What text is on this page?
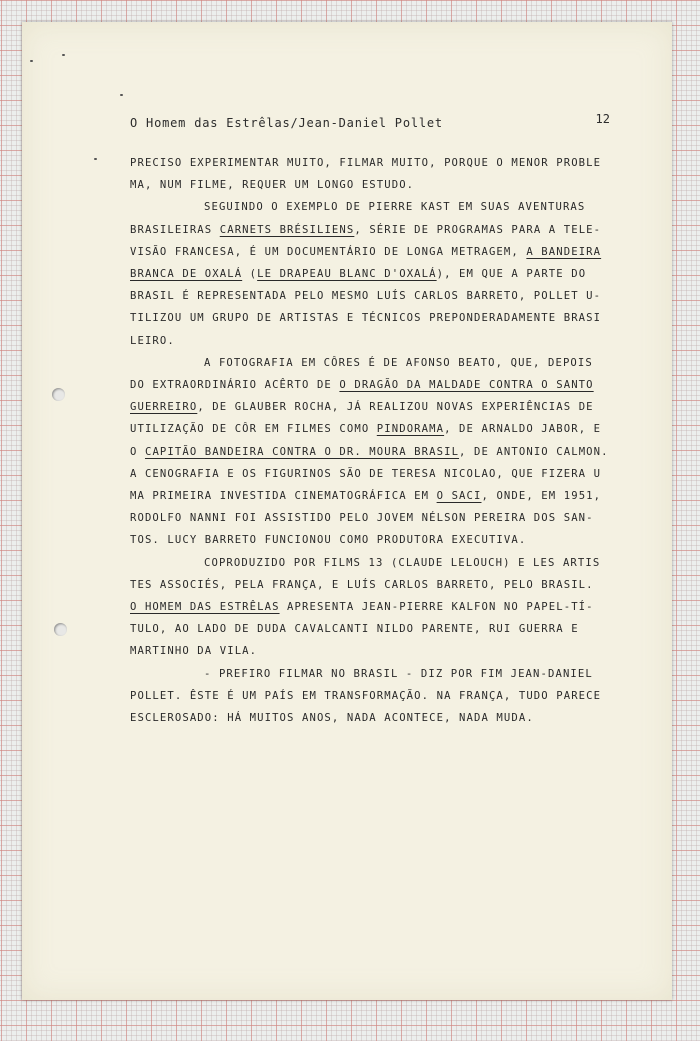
O Homem das Estrêlas/Jean-Daniel Pollet	12

PRECISO EXPERIMENTAR MUITO, FILMAR MUITO, PORQUE O MENOR PROBLE
MA, NUM FILME, REQUER UM LONGO ESTUDO.

SEGUINDO O EXEMPLO DE PIERRE KAST EM SUAS AVENTURAS
BRASILEIRAS CARNETS BRÉSILIENS, SÉRIE DE PROGRAMAS PARA A TELE-
VISÃO FRANCESA, É UM DOCUMENTÁRIO DE LONGA METRAGEM, A BANDEIRA
BRANCA DE OXALÁ (LE DRAPEAU BLANC D'OXALÁ), EM QUE A PARTE DO
BRASIL É REPRESENTADA PELO MESMO LUÍS CARLOS BARRETO, POLLET U-
TILIZOU UM GRUPO DE ARTISTAS E TÉCNICOS PREPONDERADAMENTE BRASI
LEIRO.

A FOTOGRAFIA EM CÔRES É DE AFONSO BEATO, QUE, DEPOIS
DO EXTRAORDINÁRIO ACÊRTO DE O DRAGÃO DA MALDADE CONTRA O SANTO
GUERREIRO, DE GLAUBER ROCHA, JÁ REALIZOU NOVAS EXPERIÊNCIAS DE
UTILIZAÇÃO DE CÔR EM FILMES COMO PINDORAMA, DE ARNALDO JABOR, E
O CAPITÃO BANDEIRA CONTRA O DR. MOURA BRASIL, DE ANTONIO CALMON.
A CENOGRAFIA E OS FIGURINOS SÃO DE TERESA NICOLAO, QUE FIZERA U
MA PRIMEIRA INVESTIDA CINEMATOGRÁFICA EM O SACI, ONDE, EM 1951,
RODOLFO NANNI FOI ASSISTIDO PELO JOVEM NÉLSON PEREIRA DOS SAN-
TOS. LUCY BARRETO FUNCIONOU COMO PRODUTORA EXECUTIVA.

COPRODUZIDO POR FILMS 13 (CLAUDE LELOUCH) E LES ARTIS
TES ASSOCIÉS, PELA FRANÇA, E LUÍS CARLOS BARRETO, PELO BRASIL.
O HOMEM DAS ESTRÊLAS APRESENTA JEAN-PIERRE KALFON NO PAPEL-TÍ-
TULO, AO LADO DE DUDA CAVALCANTI NILDO PARENTE, RUI GUERRA E
MARTINHO DA VILA.

- PREFIRO FILMAR NO BRASIL - DIZ POR FIM JEAN-DANIEL
POLLET. ÊSTE É UM PAÍS EM TRANSFORMAÇÃO. NA FRANÇA, TUDO PARECE
ESCLEROSADO: HÁ MUITOS ANOS, NADA ACONTECE, NADA MUDA.
